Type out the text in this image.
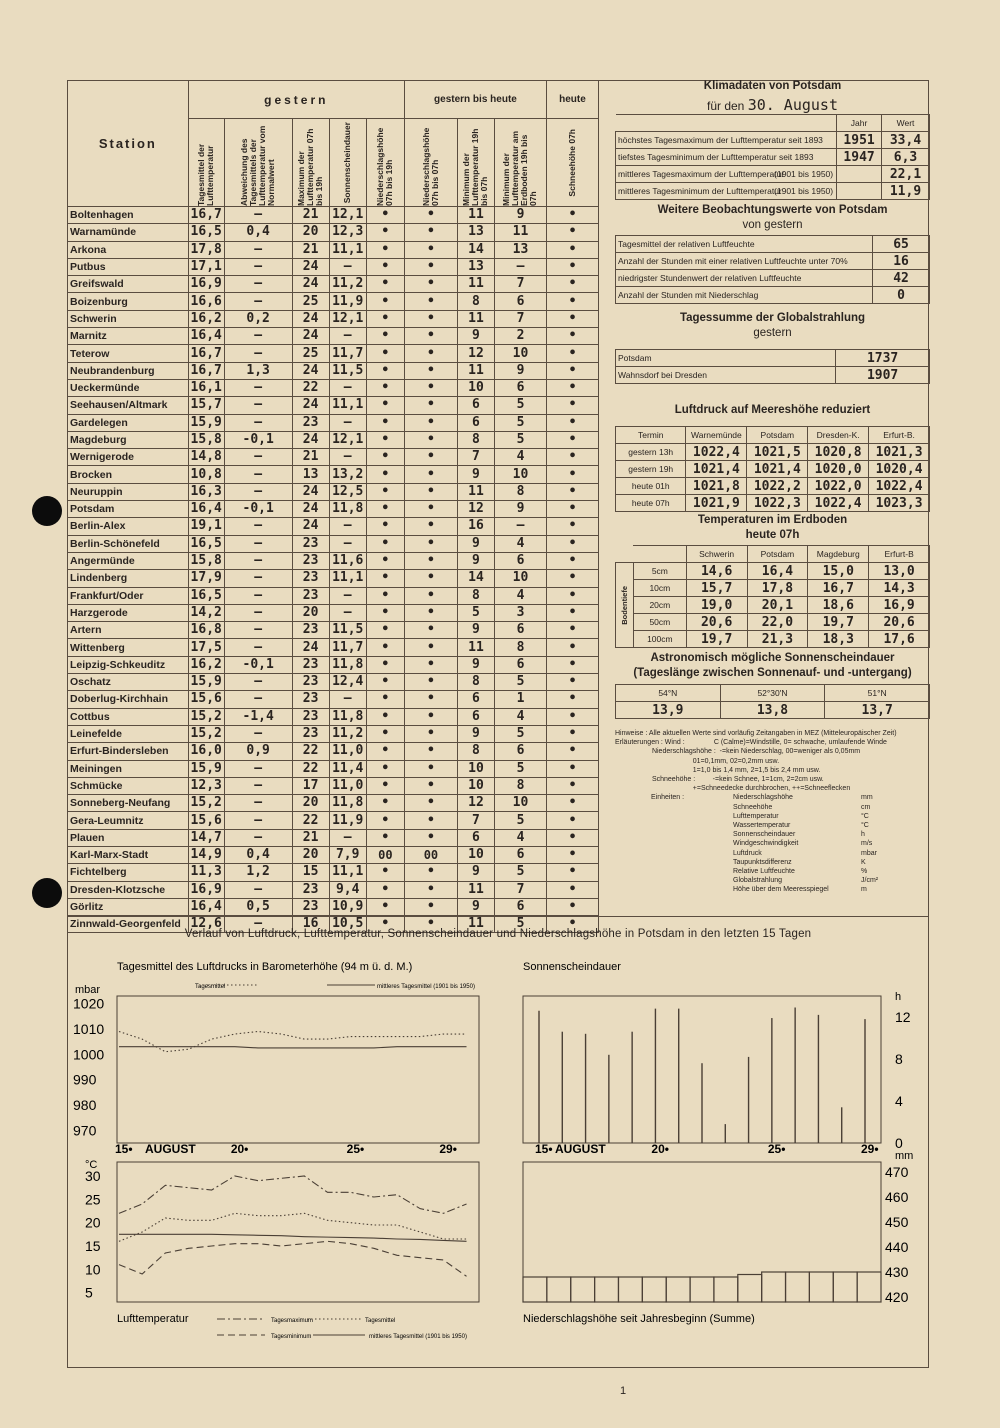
Station	gestern					gestern bis heute			heute

	Tagesmittel der Lufttemperatur	Abweichung des Tagesmittels der Lufttemperatur vom Normalwert	Maximum der Lufttemperatur 07h bis 19h	Sonnenscheindauer	Niederschlagshöhe 07h bis 19h	Niederschlagshöhe 07h bis 07h	Minimum der Lufttemperatur 19h bis 07h	Minimum der Lufttemperatur am Erdboden 19h bis 07h	Schneehöhe 07h

Boltenhagen	16,7	—	21	12,1	•	•	11	9	•
Warnamünde	16,5	0,4	20	12,3	•	•	13	11	•
Arkona	17,8	—	21	11,1	•	•	14	13	•
Putbus	17,1	—	24	—	•	•	13	—	•
Greifswald	16,9	—	24	11,2	•	•	11	7	•
Boizenburg	16,6	—	25	11,9	•	•	8	6	•
Schwerin	16,2	0,2	24	12,1	•	•	11	7	•
Marnitz	16,4	—	24	—	•	•	9	2	•
Teterow	16,7	—	25	11,7	•	•	12	10	•
Neubrandenburg	16,7	1,3	24	11,5	•	•	11	9	•
Ueckermünde	16,1	—	22	—	•	•	10	6	•
Seehausen/Altmark	15,7	—	24	11,1	•	•	6	5	•
Gardelegen	15,9	—	23	—	•	•	6	5	•
Magdeburg	15,8	-0,1	24	12,1	•	•	8	5	•
Wernigerode	14,8	—	21	—	•	•	7	4	•
Brocken	10,8	—	13	13,2	•	•	9	10	•
Neuruppin	16,3	—	24	12,5	•	•	11	8	•
Potsdam	16,4	-0,1	24	11,8	•	•	12	9	•
Berlin-Alex	19,1	—	24	—	•	•	16	—	•
Berlin-Schönefeld	16,5	—	23	—	•	•	9	4	•
Angermünde	15,8	—	23	11,6	•	•	9	6	•
Lindenberg	17,9	—	23	11,1	•	•	14	10	•
Frankfurt/Oder	16,5	—	23	—	•	•	8	4	•
Harzgerode	14,2	—	20	—	•	•	5	3	•
Artern	16,8	—	23	11,5	•	•	9	6	•
Wittenberg	17,5	—	24	11,7	•	•	11	8	•
Leipzig-Schkeuditz	16,2	-0,1	23	11,8	•	•	9	6	•
Oschatz	15,9	—	23	12,4	•	•	8	5	•
Doberlug-Kirchhain	15,6	—	23	—	•	•	6	1	•
Cottbus	15,2	-1,4	23	11,8	•	•	6	4	•
Leinefelde	15,2	—	23	11,2	•	•	9	5	•
Erfurt-Bindersleben	16,0	0,9	22	11,0	•	•	8	6	•
Meiningen	15,9	—	22	11,4	•	•	10	5	•
Schmücke	12,3	—	17	11,0	•	•	10	8	•
Sonneberg-Neufang	15,2	—	20	11,8	•	•	12	10	•
Gera-Leumnitz	15,6	—	22	11,9	•	•	7	5	•
Plauen	14,7	—	21	—	•	•	6	4	•
Karl-Marx-Stadt	14,9	0,4	20	7,9	00	00	10	6	•
Fichtelberg	11,3	1,2	15	11,1	•	•	9	5	•
Dresden-Klotzsche	16,9	—	23	9,4	•	•	11	7	•
Görlitz	16,4	0,5	23	10,9	•	•	9	6	•
Zinnwald-Georgenfeld	12,6	—	16	10,5	•	•	11	5	•
Klimadaten von Potsdam
für den 30. August
	Jahr	Wert
höchstes Tagesmaximum der Lufttemperatur seit 1893	1951	33,4
tiefstes Tagesminimum der Lufttemperatur seit 1893	1947	6,3
mittleres Tagesmaximum der Lufttemperatur
(1901 bis 1950)		22,1
mittleres Tagesminimum der Lufttemperatur
(1901 bis 1950)		11,9
Weitere Beobachtungswerte von Potsdam
von gestern
Tagesmittel der relativen Luftfeuchte	65
Anzahl der Stunden mit einer relativen Luftfeuchte unter 70%	16
niedrigster Stundenwert der relativen Luftfeuchte	42
Anzahl der Stunden mit Niederschlag	0
Tagessumme der Globalstrahlung
gestern
Potsdam	1737
Wahnsdorf bei Dresden	1907
Luftdruck auf Meereshöhe reduziert
Termin	Warnemünde	Potsdam	Dresden-K.	Erfurt-B.
gestern 13h	1022,4	1021,5	1020,8	1021,3
gestern 19h	1021,4	1021,4	1020,0	1020,4
heute 01h	1021,8	1022,2	1022,0	1022,4
heute 07h	1021,9	1022,3	1022,4	1023,3
Temperaturen im Erdboden
heute 07h
		Schwerin	Potsdam	Magdeburg	Erfurt-B

Bodentiefe	5cm	14,6	16,4	15,0	13,0
	10cm	15,7	17,8	16,7	14,3
	20cm	19,0	20,1	18,6	16,9
	50cm	20,6	22,0	19,7	20,6
	100cm	19,7	21,3	18,3	17,6
Astronomisch mögliche Sonnenscheindauer
(Tageslänge zwischen Sonnenauf- und -untergang)
54°N	52°30'N	51°N
13,9	13,8	13,7
Hinweise : Alle aktuellen Werte sind vorläufig Zeitangaben in MEZ (Mitteleuropäischer Zeit)
Erläuterungen : Wind :               C (Calme)=Windstille, 0= schwache, umlaufende Winde
Niederschlagshöhe :  -=kein Niederschlag, 00=weniger als 0,05mm
01=0,1mm, 02=0,2mm usw.
1=1,0 bis 1,4 mm, 2=1,5 bis 2,4 mm usw.
Schneehöhe :         -=kein Schnee, 1=1cm, 2=2cm usw.
+=Schneedecke durchbrochen, ++=Schneeflecken
Einheiten :	Niederschlagshöhe	mm
Schneehöhe	cm
Lufttemperatur	°C
Wassertemperatur	°C
Sonnenscheindauer	h
Windgeschwindigkeit	m/s
Luftdruck	mbar
Taupunktsdifferenz	K
Relative Luftfeuchte	%
Globalstrahlung	J/cm²
Höhe über dem Meeresspiegel	m
Verlauf von Luftdruck, Lufttemperatur, Sonnenscheindauer und Niederschlagshöhe in Potsdam in den letzten 15 Tagen
Tagesmittel des Luftdrucks in Barometerhöhe (94 m ü. d. M.)	Sonnenscheindauer
mbar
1020
1010
1000
990
980
970
Tagesmittel	mittleres Tagesmittel (1901 bis 1950)
15•	20•	25•	29•
AUGUST
h
12
8
4
0
15•	20•	25•	29•
AUGUST
°C
30
25
20
15
10
5
Lufttemperatur	Tagesmaximum	Tagesmittel
Tagesminimum	mittleres Tagesmittel (1901 bis 1950)
mm
470
460
450
440
430
420
Niederschlagshöhe seit Jahresbeginn (Summe)
1
